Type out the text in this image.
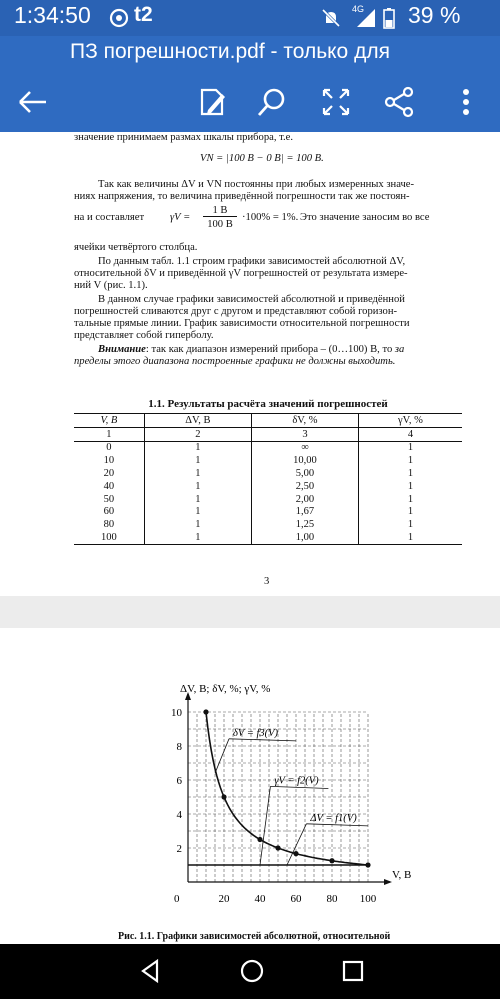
1:34:50 t2	4G 39 %
ПЗ погрешности.pdf - только для
значение принимаем размах шкалы прибора, т.е.
VN = |100 В − 0 В| = 100 В.
Так как величины ΔV и VN постоянны при любых измеренных значе-
ниях напряжения, то величина приведённой погрешности так же постоян-
на и составляет γV =
1 В
100 В
·100% = 1%. Это значение заносим во все
ячейки четвёртого столбца.
По данным табл. 1.1 строим графики зависимостей абсолютной ΔV,
относительной δV и приведённой γV погрешностей от результата измере-
ний V (рис. 1.1).
В данном случае графики зависимостей абсолютной и приведённой
погрешностей сливаются друг с другом и представляют собой горизон-
тальные прямые линии. График зависимости относительной погрешности
представляет собой гиперболу.
Внимание: так как диапазон измерений прибора – (0…100) В, то за
пределы этого диапазона построенные графики не должны выходить.
1.1. Результаты расчёта значений погрешностей
V, В	ΔV, В	δV, %	γV, %
1	2	3	4
0	1	∞	1
10	1	10,00	1
20	1	5,00	1
40	1	2,50	1
50	1	2,00	1
60	1	1,67	1
80	1	1,25	1
100	1	1,00	1
3
ΔV, В; δV, %; γV, %
V, В
0	20 40 60 80 100
2
4
6
8
10
δV = f3(V)
γV = f2(V)
ΔV = f1(V)
Рис. 1.1. Графики зависимостей абсолютной, относительной
